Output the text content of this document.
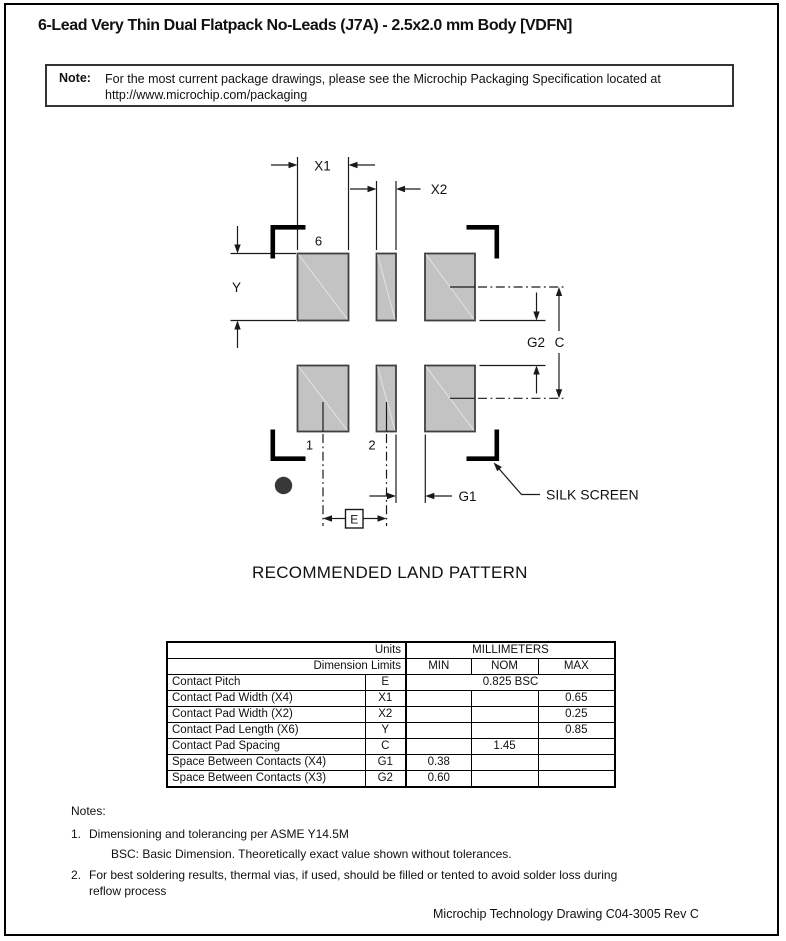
6-Lead Very Thin Dual Flatpack No-Leads (J7A) - 2.5x2.0 mm Body [VDFN]
Note: For the most current package drawings, please see the Microchip Packaging Specification located at
http://www.microchip.com/packaging
X1
X2
Y
6
1	2
G2 C
G1
E
SILK SCREEN
RECOMMENDED LAND PATTERN
Units		MILLIMETERS		
Dimension Limits		MIN	NOM	MAX
Contact Pitch	E	0.825 BSC		
Contact Pad Width (X4)	X1			0.65
Contact Pad Width (X2)	X2			0.25
Contact Pad Length (X6)	Y			0.85
Contact Pad Spacing	C		1.45	
Space Between Contacts (X4)	G1	0.38		
Space Between Contacts (X3)	G2	0.60		
Notes:
1. Dimensioning and tolerancing per ASME Y14.5M
BSC: Basic Dimension. Theoretically exact value shown without tolerances.
2. For best soldering results, thermal vias, if used, should be filled or tented to avoid solder loss during reflow process
Microchip Technology Drawing C04-3005 Rev C
